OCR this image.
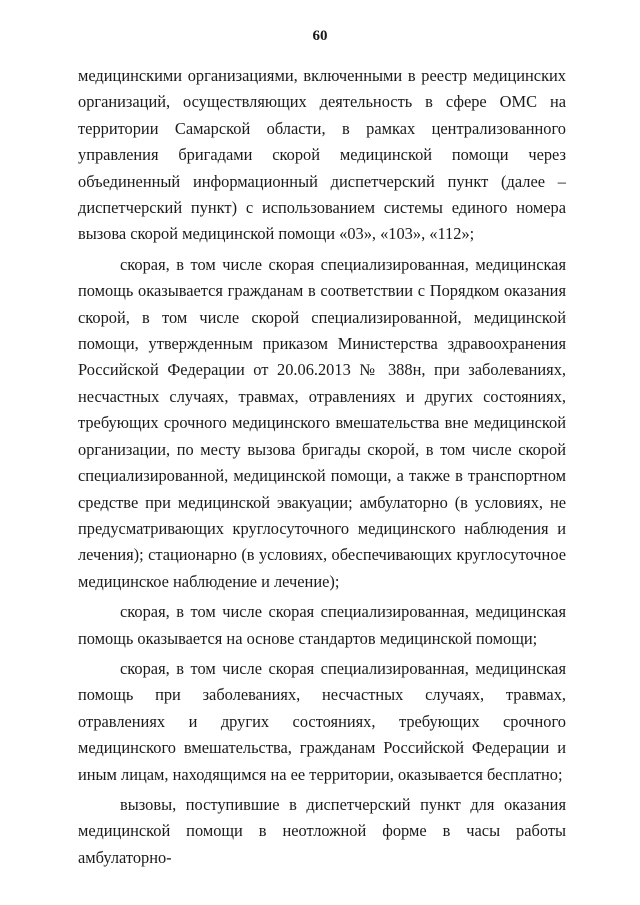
60

медицинскими организациями, включенными в реестр медицинских организаций, осуществляющих деятельность в сфере ОМС на территории Самарской области, в рамках централизованного управления бригадами скорой медицинской помощи через объединенный информационный диспетчерский пункт (далее – диспетчерский пункт) с использованием системы единого номера вызова скорой медицинской помощи «03», «103», «112»;

скорая, в том числе скорая специализированная, медицинская помощь оказывается гражданам в соответствии с Порядком оказания скорой, в том числе скорой специализированной, медицинской помощи, утвержденным приказом Министерства здравоохранения Российской Федерации от 20.06.2013 № 388н, при заболеваниях, несчастных случаях, травмах, отравлениях и других состояниях, требующих срочного медицинского вмешательства вне медицинской организации, по месту вызова бригады скорой, в том числе скорой специализированной, медицинской помощи, а также в транспортном средстве при медицинской эвакуации; амбулаторно (в условиях, не предусматривающих круглосуточного медицинского наблюдения и лечения); стационарно (в условиях, обеспечивающих круглосуточное медицинское наблюдение и лечение);

скорая, в том числе скорая специализированная, медицинская помощь оказывается на основе стандартов медицинской помощи;

скорая, в том числе скорая специализированная, медицинская помощь при заболеваниях, несчастных случаях, травмах, отравлениях и других состояниях, требующих срочного медицинского вмешательства, гражданам Российской Федерации и иным лицам, находящимся на ее территории, оказывается бесплатно;

вызовы, поступившие в диспетчерский пункт для оказания медицинской помощи в неотложной форме в часы работы амбулаторно-
